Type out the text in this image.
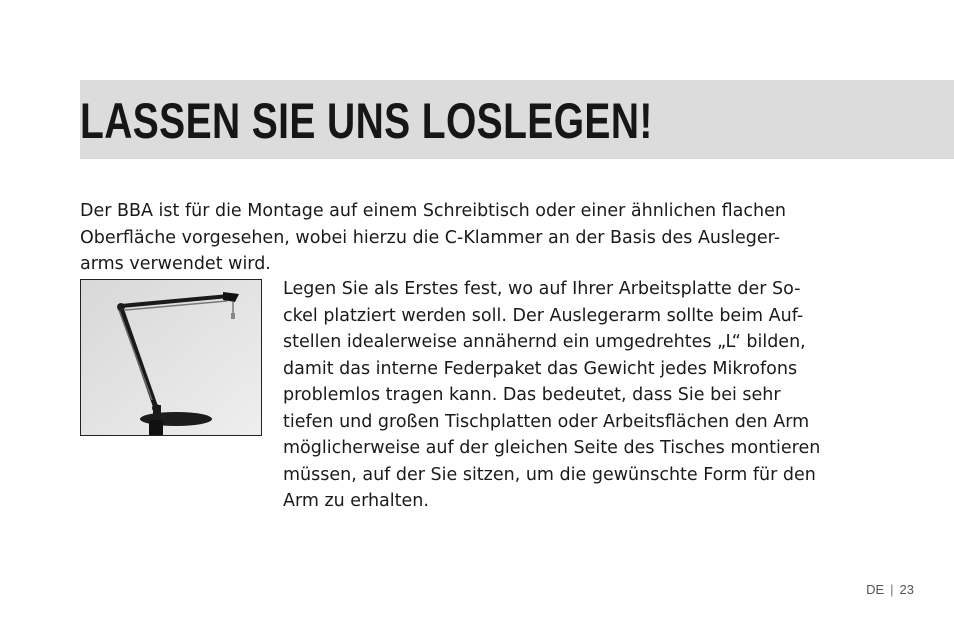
LASSEN SIE UNS LOSLEGEN!

Der BBA ist für die Montage auf einem Schreibtisch oder einer ähnlichen flachen
Oberfläche vorgesehen, wobei hierzu die C-Klammer an der Basis des Ausleger-
arms verwendet wird.

Legen Sie als Erstes fest, wo auf Ihrer Arbeitsplatte der So-
ckel platziert werden soll. Der Auslegerarm sollte beim Auf-
stellen idealerweise annähernd ein umgedrehtes „L“ bilden,
damit das interne Federpaket das Gewicht jedes Mikrofons
problemlos tragen kann. Das bedeutet, dass Sie bei sehr
tiefen und großen Tischplatten oder Arbeitsflächen den Arm
möglicherweise auf der gleichen Seite des Tisches montieren
müssen, auf der Sie sitzen, um die gewünschte Form für den
Arm zu erhalten.

DE | 23
